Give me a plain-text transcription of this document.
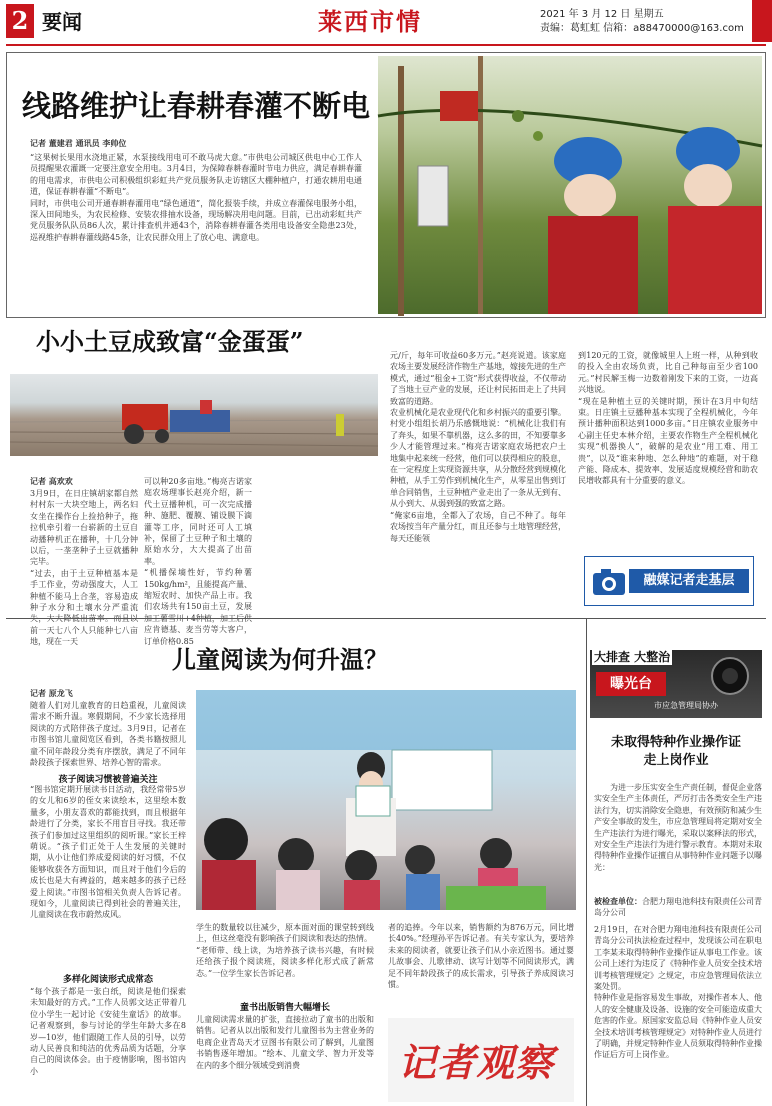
2 要闻	莱西市情	2021 年 3 月 12 日 星期五
责编：葛虹虹 信箱：a88470000@163.com
线路维护让春耕春灌不断电
记者 董建君 通讯员 李帅位
“这果树长果用水浇地正紧，水泵接线用电可不敢马虎大意。”市供电公司城区供电中心工作人员提醒果农灌溉一定要注意安全用电。3月4日，为保障春耕春灌时节电力供应，满足春耕春灌的用电需求，市供电公司积极组织彩虹共产党员服务队走访辖区大棚种植户，打通农耕用电通道，保证春耕春灌“不断电”。
同时，市供电公司开通春耕春灌用电“绿色通道”，简化报装手续，并成立春灌保电服务小组，深入田间地头，为农民检修、安装农排抽水设备，现场解决用电问题。目前，已出动彩虹共产党员服务队队员86人次，累计排查机井通43个，消除春耕春灌各类用电设备安全隐患23处，巡视维护春耕春灌线路45条，让农民群众用上了放心电、满意电。
小小土豆成致富“金蛋蛋”
记者 高欢欢
3月9日，在日庄镇胡家都自然村村东一大块空地上，两名妇女坐在操作台上捡拾种子，拖拉机牵引着一台崭新的土豆自动播种机正在播种，十几分钟以后，一垄垄种子土豆就播种完毕。
“过去，由于土豆种植基本是手工作业，劳动强度大，人工种植不能马上合垄，容易造成种子水分和土壤水分严重流 前一天七八个人只能种七八亩地，现在一天
可以种20多亩地。”梅亮吉诺家庭农场理事长赵亮介绍，新一代土豆播种机，可一次完成播种、施肥、覆膜、铺设膜下滴灌等工序，同时还可人工填补，保留了土豆种子和土壤的原始水分，大大提高了出苗率。
“机播保墒性好，节约种薯150kg/hm²，且能提高产量、缩短农时、加快产品上市。我们农场共有150亩土豆，发展 应肯德基、麦当劳等大客户，订单价格0.85
元/斤，每年可收益60多万元。”赵亮说道。该家庭农场主要发展经济作物生产基地，嫁接先进的生产模式，通过“租金+工资”形式获得收益，不仅带动了当地土豆产业的发展，还让村民拓田走上了共同致富的道路。
农业机械化是农业现代化和乡村振兴的重要引擎。村党小组组长胡乃乐感慨地说：“机械化让我们有了奔头，如果不靠机器，这么多的田，不知要靠多少人才能管理过来。”梅亮吉诺家庭农场把农户土地集中起来统一经营，他们可以获得相应的股息，在一定程度上实现资源共享，从分散经营到规模化种植，从手工劳作到机械化生产，从零星出售到订单合同销售，土豆种植产业走出了一条从无到有、从小到大、从弱到强的致富之路。
“俺家6亩地，全都入了农场，自己不种了。每年农场按当年产量分红，而且还参与土地管理经营，每天还能领
到120元的工资，就像城里人上班一样，从种到收的投入全由农场负责，比自己种每亩至少省100元。”村民解玉梅一边数着刚发下来的工资，一边高兴地说。
“现在是种植土豆的关键时期，预计在3月中旬结束。日庄镇土豆播种基本实现了全程机械化，今年预计播种面积达到1000多亩。”日庄镇农业服务中心副主任史本林介绍，主要农作物生产全程机械化实现“机器换人”，破解的是农业“用工难、用工贵”，以及“谁来种地、怎么种地”的难题，对于稳产能、降成本、提效率、发展适度规模经营和助农民增收都具有十分重要的意义。
融媒记者走基层
儿童阅读为何升温？
记者 原龙飞
随着人们对儿童教育的日趋重视，儿童阅读需求不断升温。寒假期间，不少家长选择用阅读的方式陪伴孩子度过。3月9日，记者在市图书馆儿童阅览区看到，各类书籍按照儿童不同年龄段分类有序摆放，满足了不同年龄段孩子探索世界、培养心智的需求。
孩子阅读习惯被普遍关注
“图书馆定期开展读书日活动，我经常带5岁的女儿和6岁的侄女来读绘本，这里绘本数量多，小朋友喜欢的都能找到，而且根据年龄进行了分类，家长不用盲目寻找。我还带孩子们参加过这里组织的阅听课。”家长王梓萌说。“孩子们正处于人生发展的关键时期，从小让他们养成爱阅读的好习惯，不仅能够收获各方面知识，而且对于他们今后的成长也是大有裨益的，越来越多的孩子已经爱上阅读。”市图书馆相关负责人告诉记者。现如今，儿童阅读已得到社会的普遍关注，儿童阅读在我市蔚然成风。
多样化阅读形式成常态
“每个孩子都是一张白纸，阅读是他们探索未知最好的方式。”工作人员郭文达正带着几位小学生一起讨论《安徒生童话》的故事。记者观察到，参与讨论的学生年龄大多在8岁—10岁，他们跟随工作人员的引导，以劳动人民善良和纯洁的优秀品质为话题，分享自己的阅读体会。由于疫情影响，图书馆内小
学生的数量较以往减少，原本面对面的课堂转到线上，但这丝毫没有影响孩子们阅读和表达的热情。
“老师带、线上读，为培养孩子读书兴趣，有时候还给孩子报个阅读班，阅读多样化形式成了新常态。”一位学生家长告诉记者。
童书出版销售大幅增长
儿童阅读需求量的扩张，直接拉动了童书的出版和销售。记者从以出版和发行儿童图书为主营业务的电商企业青岛天才豆图书有限公司了解到，儿童图书销售逐年增加。“绘本、儿童文学、智力开发等在内的多个细分领域受到消费
者的追捧。今年以来，销售额约为876万元，同比增长40%。”经理孙平告诉记者。有关专家认为，要培养未来的阅读者，就要让孩子们从小亲近图书。通过婴儿故事会、儿歌律动、读写计划等不同阅读形式，满足不同年龄段孩子的成长需求，引导孩子养成阅读习惯。
记者观察
大排查 大整治
曝光台
市应急管理局协办
未取得特种作业操作证
走上岗作业
为进一步压实安全生产责任制，督促企业落实安全生产主体责任，严厉打击各类安全生产违法行为，切实消除安全隐患，有效预防和减少生产安全事故的发生，市应急管理局将定期对安全生产违法行为进行曝光，采取以案释法的形式，对安全生产违法行为进行警示教育。本期对未取得特种作业操作证擅自从事特种作业问题予以曝光：
被检查单位：合肥力翔电池科技有限责任公司青岛分公司
2月19日，在对合肥力翔电池科技有限责任公司青岛分公司执法检查过程中，发现该公司在职电工李某未取得特种作业操作证从事电工作业。该公司上述行为违反了《特种作业人员安全技术培训考核管理规定》之规定，市应急管理局依法立案处罚。
特种作业是指容易发生事故，对操作者本人、他人的安全健康及设备、设施的安全可能造成重大危害的作业。原国家安监总局《特种作业人员安全技术培训考核管理规定》对特种作业人员进行了明确，并规定特种作业人员须取得特种作业操作证后方可上岗作业。
